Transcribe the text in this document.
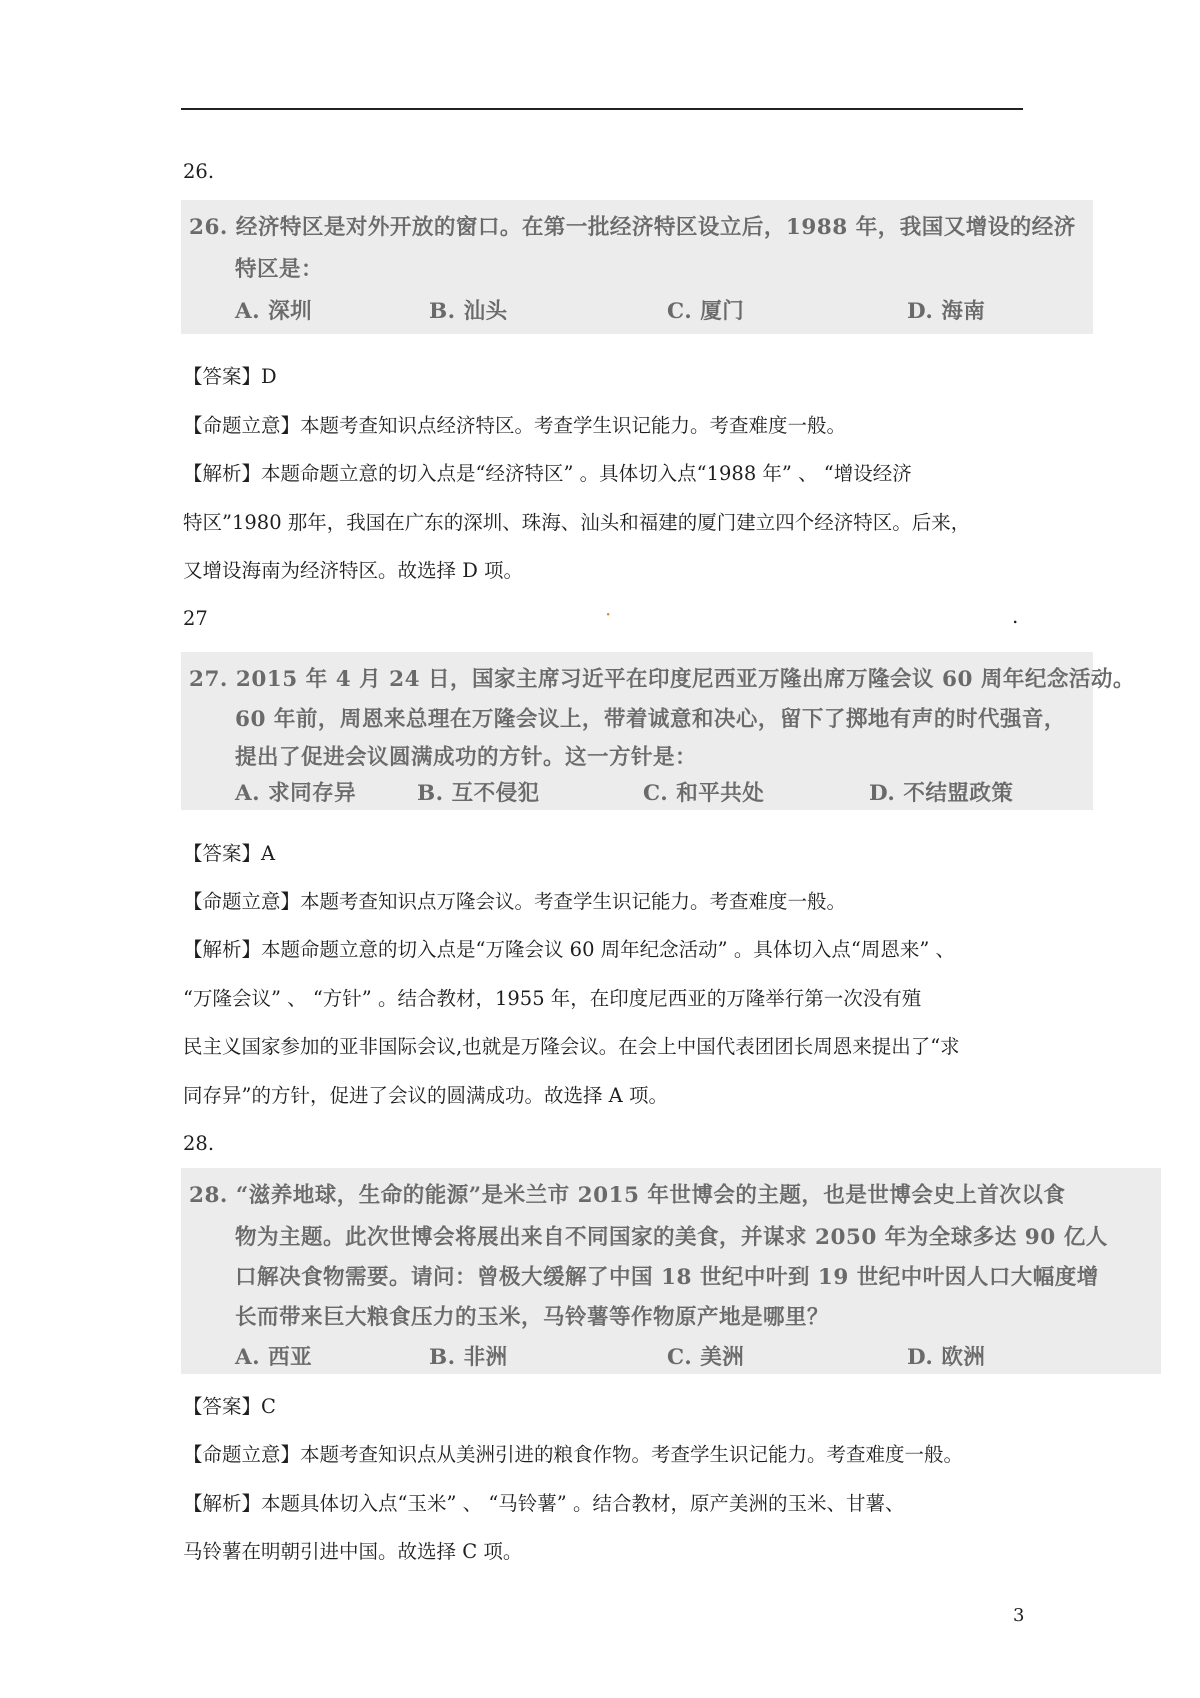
26.
26. 经济特区是对外开放的窗口。在第一批经济特区设立后，1988 年，我国又增设的经济
特区是：
A. 深圳	B. 汕头	C. 厦门	D. 海南
【答案】D
【命题立意】本题考查知识点经济特区。考查学生识记能力。考查难度一般。
【解析】本题命题立意的切入点是“经济特区” 。具体切入点“1988 年” 、 “增设经济
特区”1980 那年，我国在广东的深圳、珠海、汕头和福建的厦门建立四个经济特区。后来，
又增设海南为经济特区。故选择 D 项。
27	·	.
27. 2015 年 4 月 24 日，国家主席习近平在印度尼西亚万隆出席万隆会议 60 周年纪念活动。
60 年前，周恩来总理在万隆会议上，带着诚意和决心，留下了掷地有声的时代强音，
提出了促进会议圆满成功的方针。这一方针是：
A. 求同存异	B. 互不侵犯	C. 和平共处	D. 不结盟政策
【答案】A
【命题立意】本题考查知识点万隆会议。考查学生识记能力。考查难度一般。
【解析】本题命题立意的切入点是“万隆会议 60 周年纪念活动” 。具体切入点“周恩来” 、
“万隆会议” 、 “方针” 。结合教材，1955 年，在印度尼西亚的万隆举行第一次没有殖
民主义国家参加的亚非国际会议,也就是万隆会议。在会上中国代表团团长周恩来提出了“求
同存异”的方针，促进了会议的圆满成功。故选择 A 项。
28.
28. “滋养地球，生命的能源”是米兰市 2015 年世博会的主题，也是世博会史上首次以食
物为主题。此次世博会将展出来自不同国家的美食，并谋求 2050 年为全球多达 90 亿人
口解决食物需要。请问：曾极大缓解了中国 18 世纪中叶到 19 世纪中叶因人口大幅度增
长而带来巨大粮食压力的玉米，马铃薯等作物原产地是哪里？
A. 西亚	B. 非洲	C. 美洲	D. 欧洲
【答案】C
【命题立意】本题考查知识点从美洲引进的粮食作物。考查学生识记能力。考查难度一般。
【解析】本题具体切入点“玉米” 、 “马铃薯” 。结合教材，原产美洲的玉米、甘薯、
马铃薯在明朝引进中国。故选择 C 项。
3
